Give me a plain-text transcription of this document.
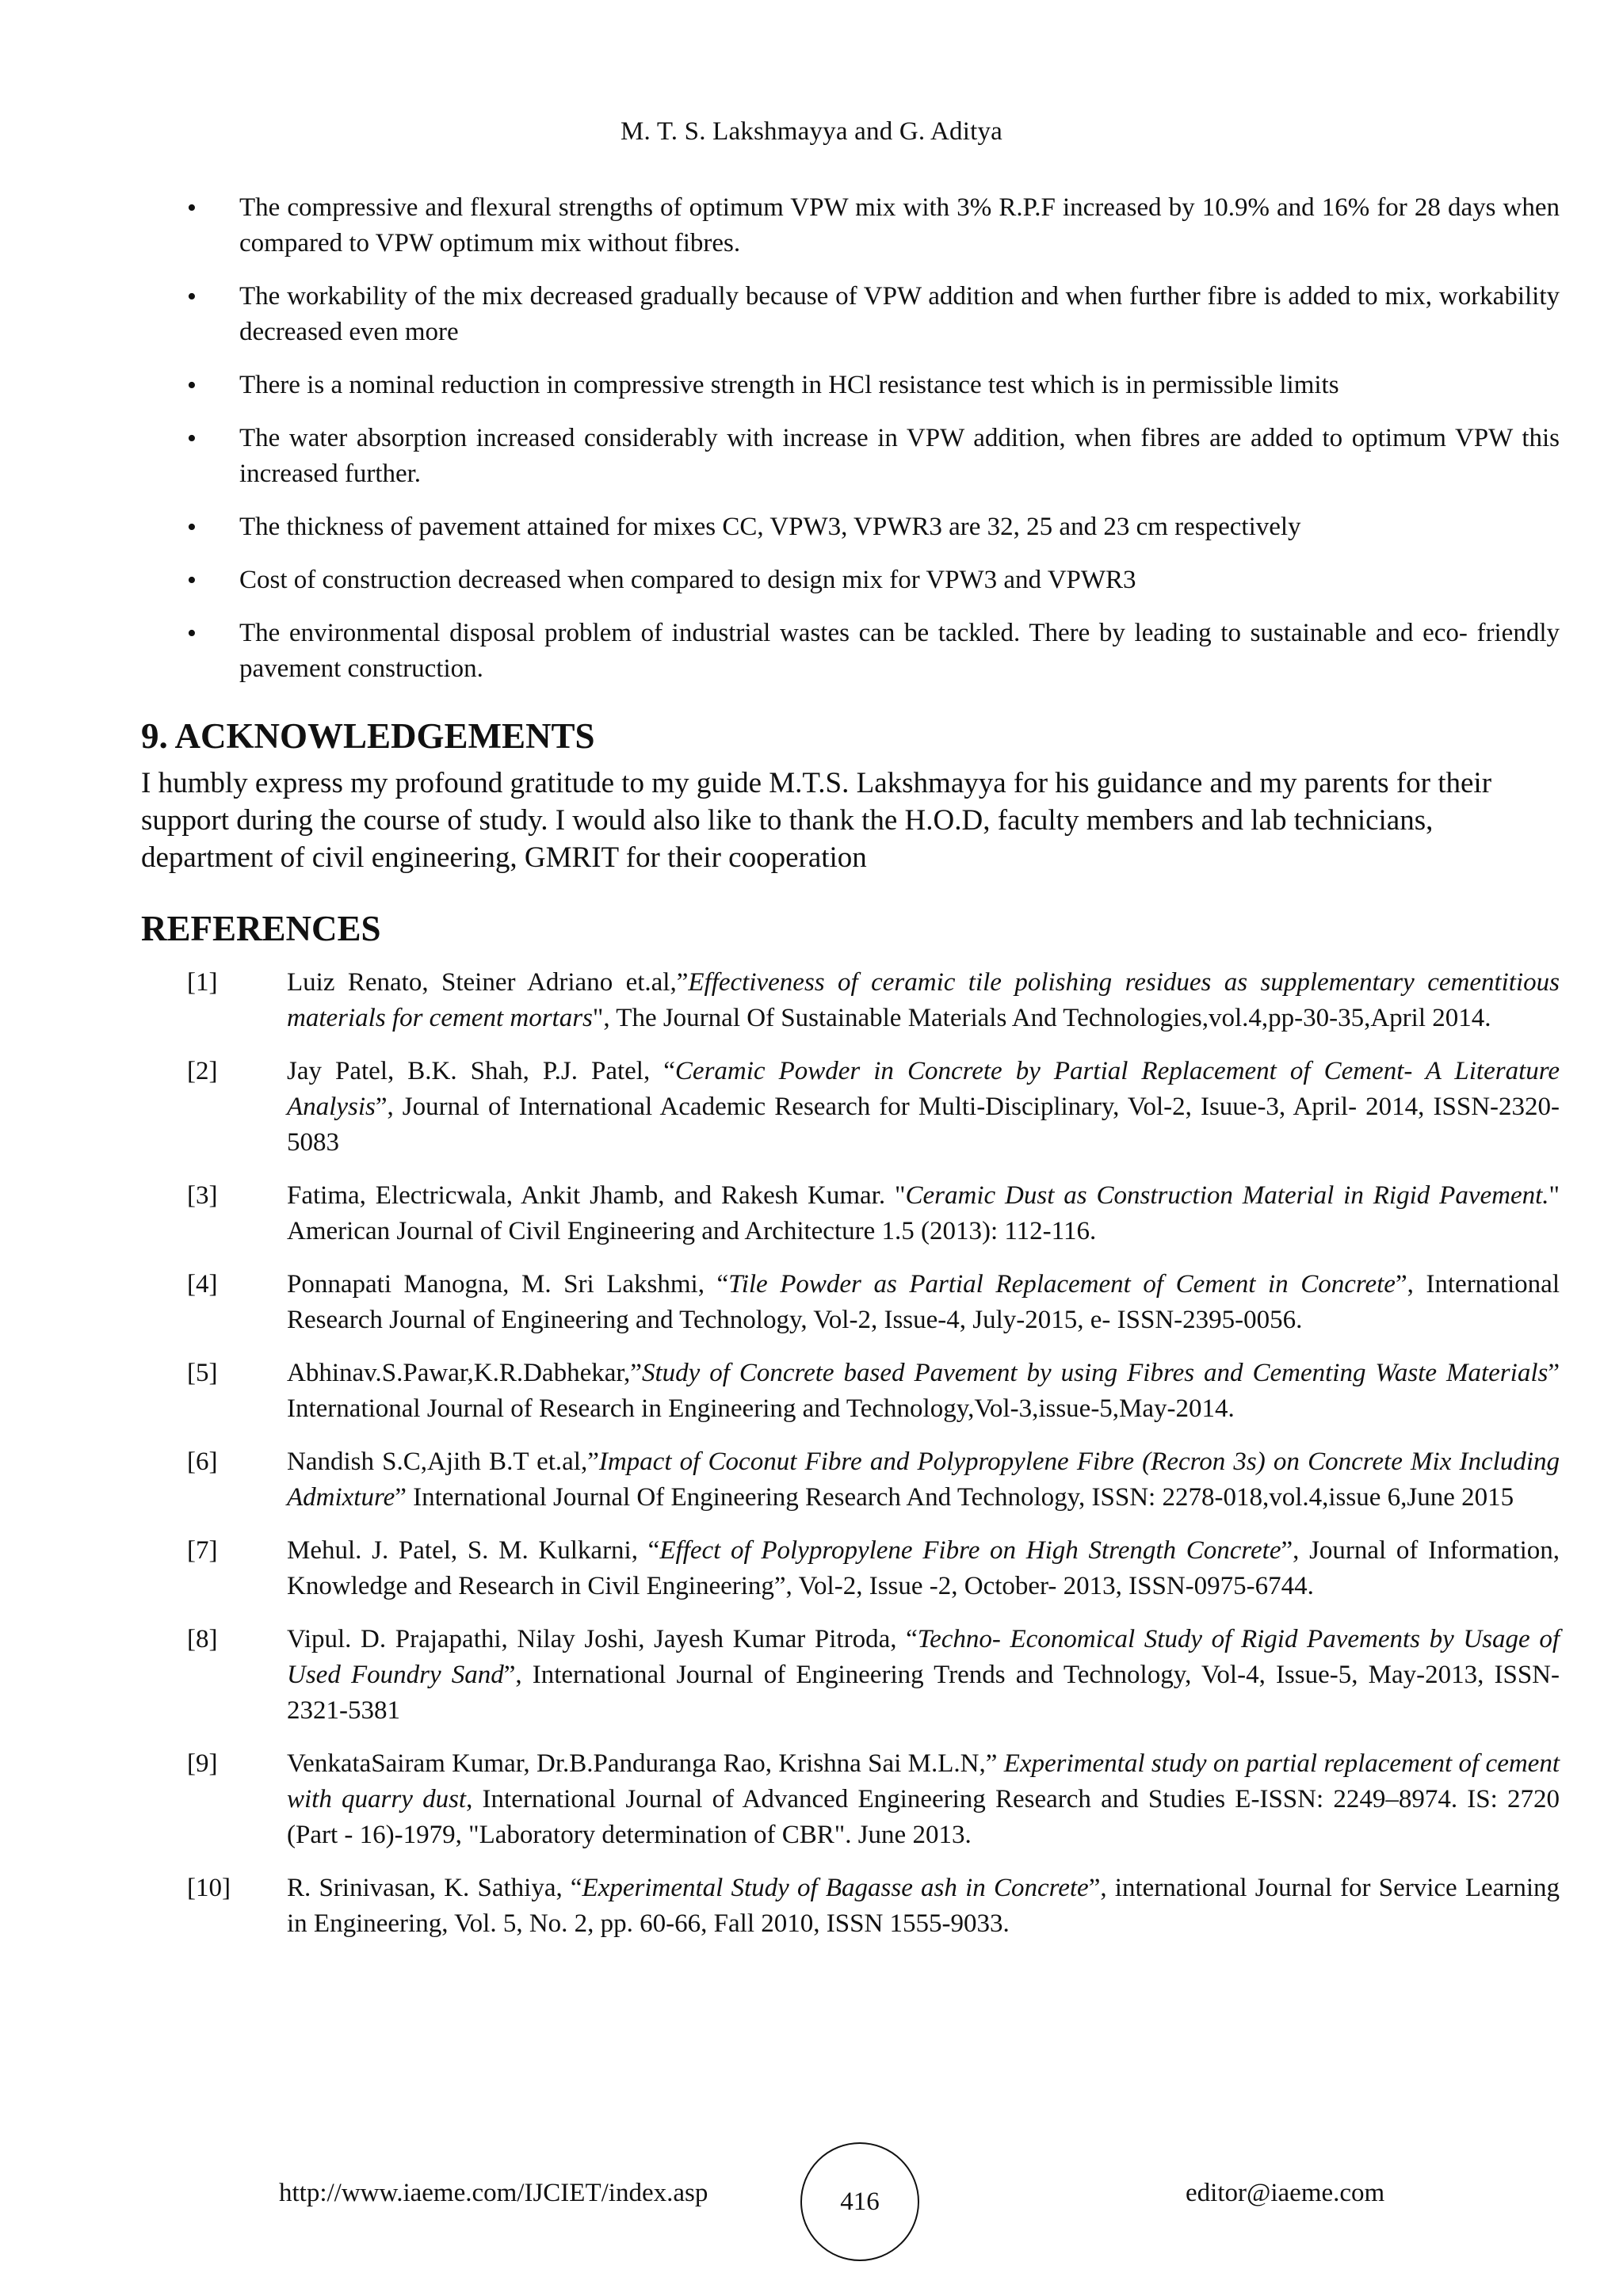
M. T. S. Lakshmayya and G. Aditya
• The compressive and flexural strengths of optimum VPW mix with 3% R.P.F increased by 10.9% and 16% for 28 days when compared to VPW optimum mix without fibres.
• The workability of the mix decreased gradually because of VPW addition and when further fibre is added to mix, workability decreased even more
• There is a nominal reduction in compressive strength in HCl resistance test which is in permissible limits
• The water absorption increased considerably with increase in VPW addition, when fibres are added to optimum VPW this increased further.
• The thickness of pavement attained for mixes CC, VPW3, VPWR3 are 32, 25 and 23 cm respectively
• Cost of construction decreased when compared to design mix for VPW3 and VPWR3
• The environmental disposal problem of industrial wastes can be tackled. There by leading to sustainable and eco- friendly pavement construction.
9. ACKNOWLEDGEMENTS

I humbly express my profound gratitude to my guide M.T.S. Lakshmayya for his guidance and my parents for their support during the course of study. I would also like to thank the H.O.D, faculty members and lab technicians, department of civil engineering, GMRIT for their cooperation

REFERENCES
[1]	Luiz Renato, Steiner Adriano et.al,”Effectiveness of ceramic tile polishing residues as supplementary cementitious materials for cement mortars", The Journal Of Sustainable Materials And Technologies,vol.4,pp-30-35,April 2014.
[2]	Jay Patel, B.K. Shah, P.J. Patel, “Ceramic Powder in Concrete by Partial Replacement of Cement- A Literature Analysis”, Journal of International Academic Research for Multi-Disciplinary, Vol-2, Isuue-3, April- 2014, ISSN-2320-5083
[3]	Fatima, Electricwala, Ankit Jhamb, and Rakesh Kumar. "Ceramic Dust as Construction Material in Rigid Pavement." American Journal of Civil Engineering and Architecture 1.5 (2013): 112-116.
[4]	Ponnapati Manogna, M. Sri Lakshmi, “Tile Powder as Partial Replacement of Cement in Concrete”, International Research Journal of Engineering and Technology, Vol-2, Issue-4, July-2015, e- ISSN-2395-0056.
[5]	Abhinav.S.Pawar,K.R.Dabhekar,”Study of Concrete based Pavement by using Fibres and Cementing Waste Materials” International Journal of Research in Engineering and Technology,Vol-3,issue-5,May-2014.
[6]	Nandish S.C,Ajith B.T et.al,”Impact of Coconut Fibre and Polypropylene Fibre (Recron 3s) on Concrete Mix Including Admixture” International Journal Of Engineering Research And Technology, ISSN: 2278-018,vol.4,issue 6,June 2015
[7]	Mehul. J. Patel, S. M. Kulkarni, “Effect of Polypropylene Fibre on High Strength Concrete”, Journal of Information, Knowledge and Research in Civil Engineering”, Vol-2, Issue -2, October- 2013, ISSN-0975-6744.
[8]	Vipul. D. Prajapathi, Nilay Joshi, Jayesh Kumar Pitroda, “Techno- Economical Study of Rigid Pavements by Usage of Used Foundry Sand”, International Journal of Engineering Trends and Technology, Vol-4, Issue-5, May-2013, ISSN-2321-5381
[9]	VenkataSairam Kumar, Dr.B.Panduranga Rao, Krishna Sai M.L.N,” Experimental study on partial replacement of cement with quarry dust, International Journal of Advanced Engineering Research and Studies E-ISSN: 2249–8974. IS: 2720 (Part - 16)-1979, "Laboratory determination of CBR". June 2013.
[10]	R. Srinivasan, K. Sathiya, “Experimental Study of Bagasse ash in Concrete”, international Journal for Service Learning in Engineering, Vol. 5, No. 2, pp. 60-66, Fall 2010, ISSN 1555-9033.
http://www.iaeme.com/IJCIET/index.asp	416	editor@iaeme.com
